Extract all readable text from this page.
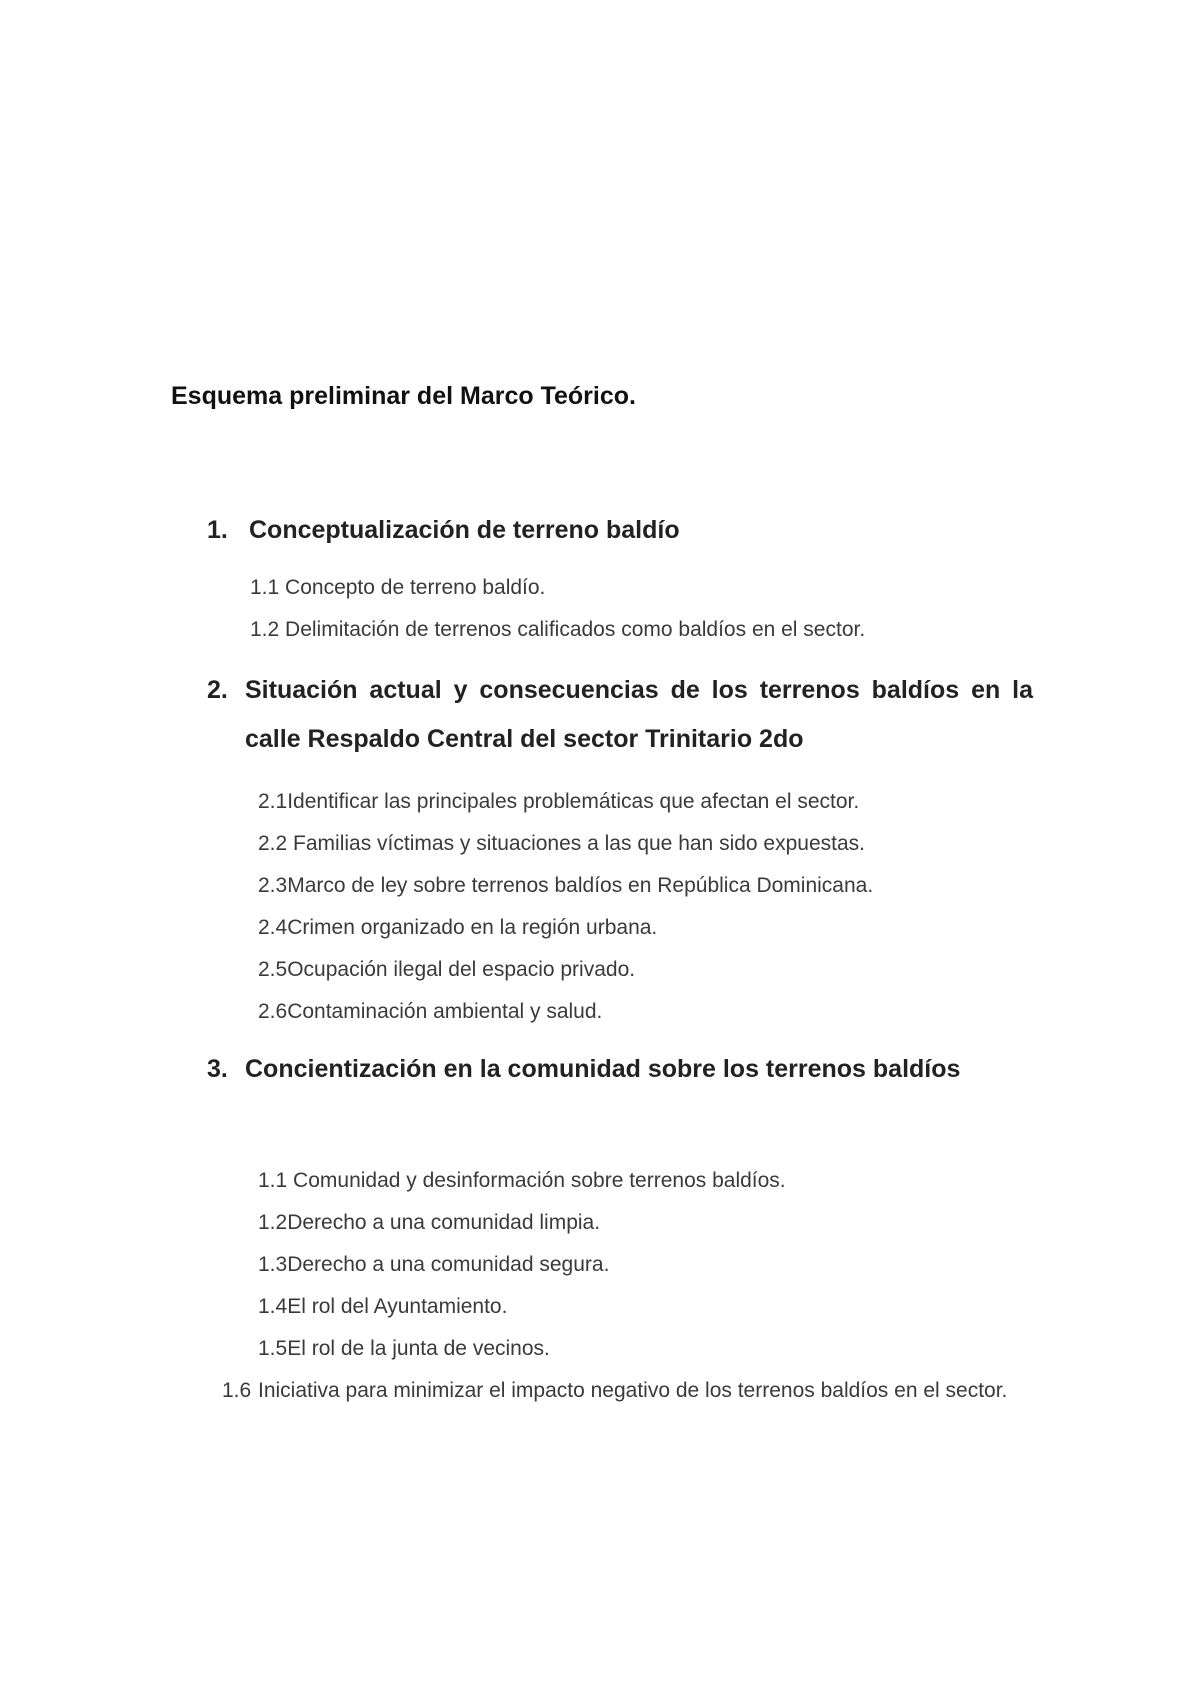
Esquema preliminar del Marco Teórico.
1. Conceptualización de terreno baldío

1.1 Concepto de terreno baldío.

1.2 Delimitación de terrenos calificados como baldíos en el sector.

2. Situación actual y consecuencias de los terrenos baldíos en la calle Respaldo Central del sector Trinitario 2do

2.1Identificar las principales problemáticas que afectan el sector.

2.2 Familias víctimas y situaciones a las que han sido expuestas.

2.3Marco de ley sobre terrenos baldíos en República Dominicana.

2.4Crimen organizado en la región urbana.

2.5Ocupación ilegal del espacio privado.

2.6Contaminación ambiental y salud.

3. Concientización en la comunidad sobre los terrenos baldíos

1.1 Comunidad y desinformación sobre terrenos baldíos.

1.2Derecho a una comunidad limpia.

1.3Derecho a una comunidad segura.

1.4El rol del Ayuntamiento.

1.5El rol de la junta de vecinos.

1.6 Iniciativa para minimizar el impacto negativo de los terrenos baldíos en el sector.
